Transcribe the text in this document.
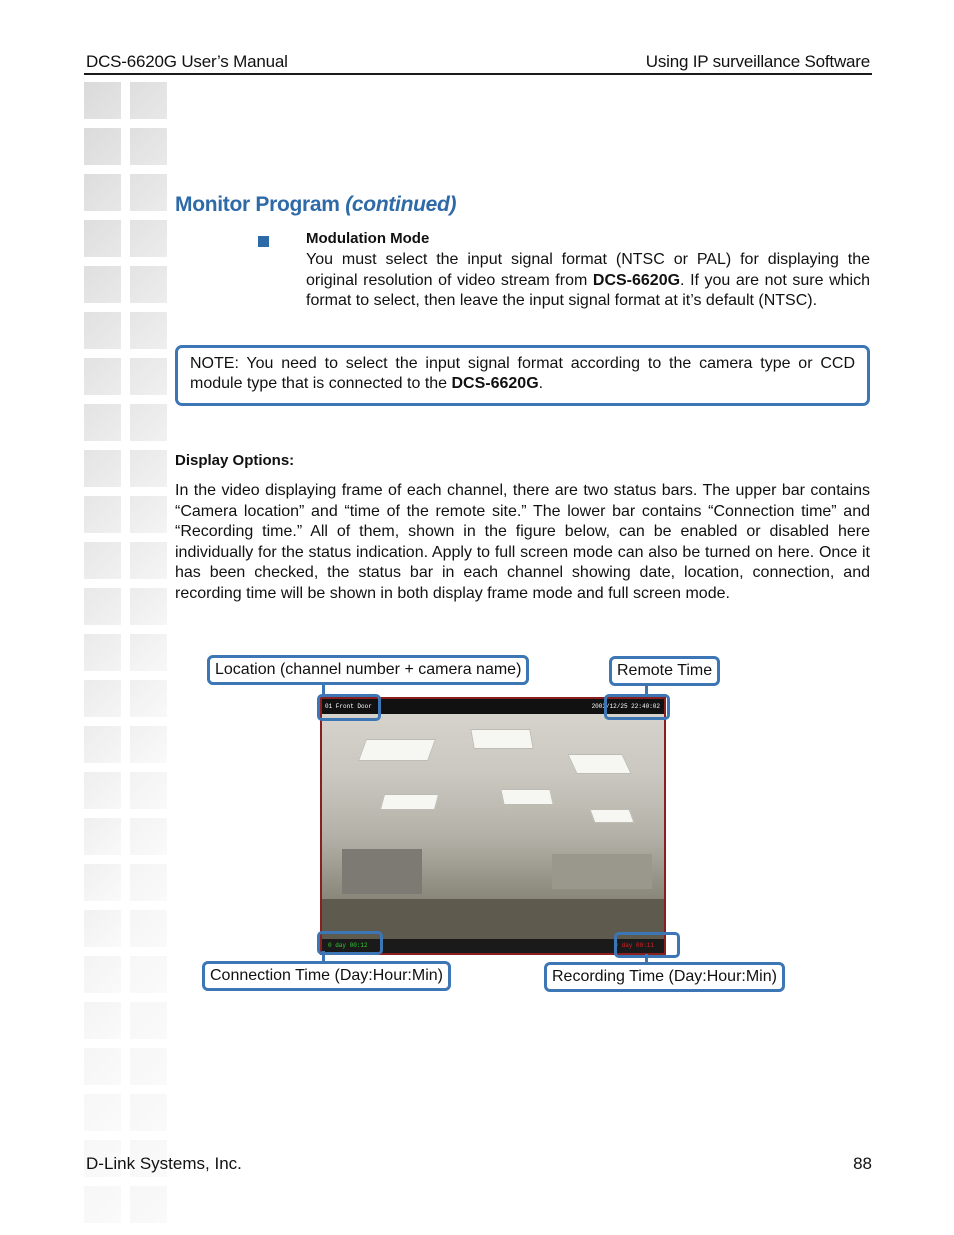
DCS-6620G User’s Manual	Using IP surveillance Software
Monitor Program (continued)
Modulation Mode
You must select the input signal format (NTSC or PAL) for displaying the original resolution of video stream from DCS-6620G. If you are not sure which format to select, then leave the input signal format at it’s default (NTSC).
NOTE: You need to select the input signal format according to the camera type or CCD module type that is connected to the DCS-6620G.
Display Options:
In the video displaying frame of each channel, there are two status bars. The upper bar contains “Camera location” and “time of the remote site.” The lower bar contains “Connection time” and “Recording time.” All of them, shown in the figure below, can be enabled or disabled here individually for the status indication. Apply to full screen mode can also be turned on here. Once it has been checked, the status bar in each channel showing date, location, connection, and recording time will be shown in both display frame mode and full screen mode.
01 Front Door	2003/12/25 22:40:02
0 day 00:12	0 day 00:11
Location (channel number + camera name)	Remote Time
Connection Time (Day:Hour:Min)	Recording Time (Day:Hour:Min)
D-Link Systems, Inc.	88
